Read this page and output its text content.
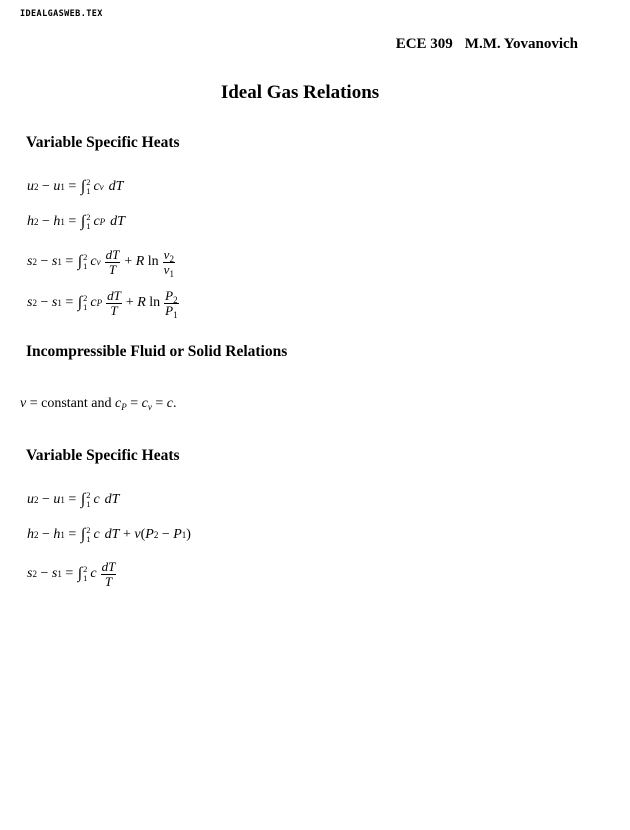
IDEALGASWEB.TEX
ECE 309 M.M. Yovanovich
Ideal Gas Relations
Variable Specific Heats
u 2 − u 1 = ∫ 2
1 c v dT
h 2 − h 1 = ∫ 2
1 c P dT
s 2 − s 1 = ∫ 2
1 c v $\frac{dT}{T} + R$
$\ln \frac{v_2}{v_1}$
s 2 − s 1 = ∫ 2
1 c P $\frac{dT}{T} + R$
$\ln \frac{P_2}{P_1}$
Incompressible Fluid or Solid Relations
v = constant and $c_P = c_v = c$.
Variable Specific Heats
u 2 − u 1 = ∫ 2
1 c dT
h 2 − h 1 = ∫ 2
1 c dT + v ( P 2 − P 1 )
s 2 − s 1 = ∫ 2
1 c $\frac{dT}{T}$
